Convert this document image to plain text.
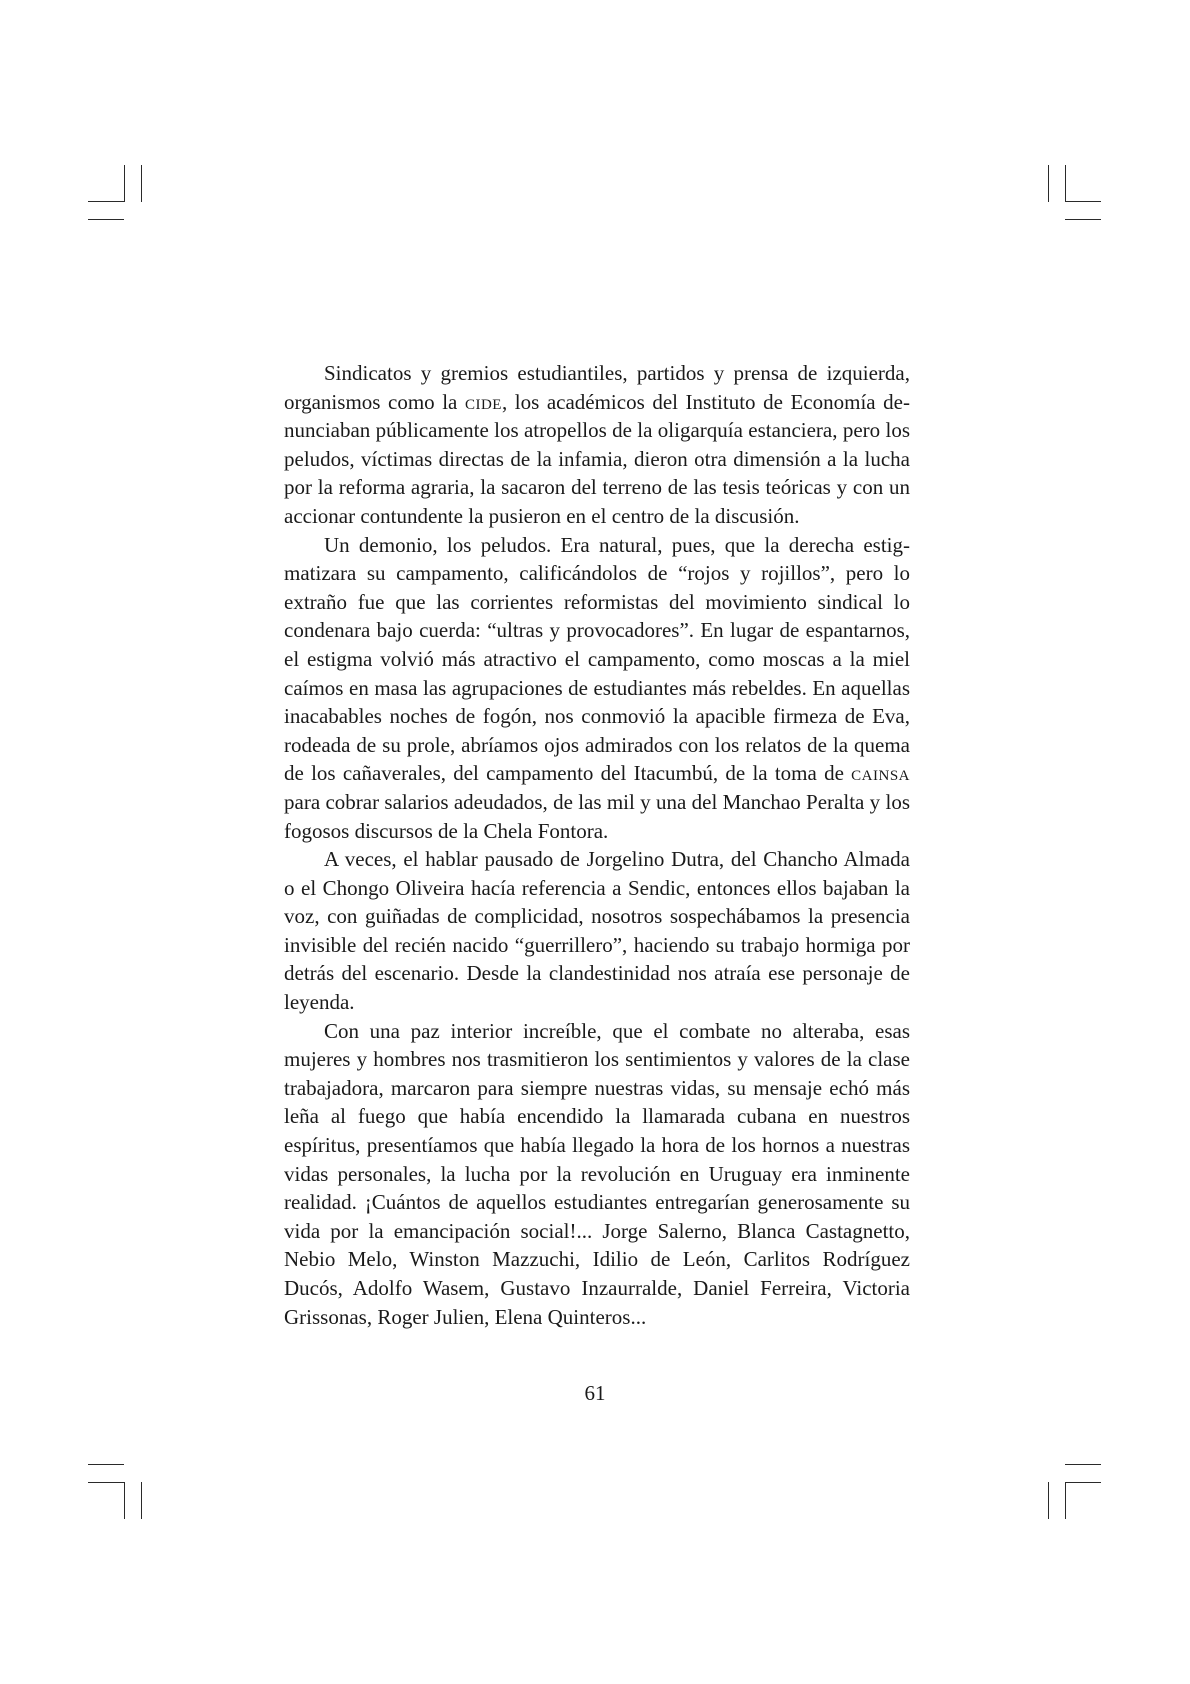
Sindicatos y gremios estudiantiles, partidos y prensa de izquierda, organismos como la cide, los académicos del Instituto de Economía denunciaban públicamente los atropellos de la oligarquía estanciera, pero los peludos, víctimas directas de la infamia, dieron otra dimensión a la lucha por la reforma agraria, la sacaron del terreno de las tesis teóricas y con un accionar contundente la pusieron en el centro de la discusión.

Un demonio, los peludos. Era natural, pues, que la derecha estigmatizara su campamento, calificándolos de “rojos y rojillos”, pero lo extraño fue que las corrientes reformistas del movimiento sindical lo condenara bajo cuerda: “ultras y provocadores”. En lugar de espantarnos, el estigma volvió más atractivo el campamento, como moscas a la miel caímos en masa las agrupaciones de estudiantes más rebeldes. En aquellas inacabables noches de fogón, nos conmovió la apacible firmeza de Eva, rodeada de su prole, abríamos ojos admirados con los relatos de la quema de los cañaverales, del campamento del Itacumbú, de la toma de cainsa para cobrar salarios adeudados, de las mil y una del Manchao Peralta y los fogosos discursos de la Chela Fontora.

A veces, el hablar pausado de Jorgelino Dutra, del Chancho Almada o el Chongo Oliveira hacía referencia a Sendic, entonces ellos bajaban la voz, con guiñadas de complicidad, nosotros sospechábamos la presencia invisible del recién nacido “guerrillero”, haciendo su trabajo hormiga por detrás del escenario. Desde la clandestinidad nos atraía ese personaje de leyenda.

Con una paz interior increíble, que el combate no alteraba, esas mujeres y hombres nos trasmitieron los sentimientos y valores de la clase trabajadora, marcaron para siempre nuestras vidas, su mensaje echó más leña al fuego que había encendido la llamarada cubana en nuestros espíritus, presentíamos que había llegado la hora de los hornos a nuestras vidas personales, la lucha por la revolución en Uruguay era inminente realidad. ¡Cuántos de aquellos estudiantes entregarían generosamente su vida por la emancipación social!... Jorge Salerno, Blanca Castagnetto, Nebio Melo, Winston Mazzuchi, Idilio de León, Carlitos Rodríguez Ducós, Adolfo Wasem, Gustavo Inzaurralde, Daniel Ferreira, Victoria Grissonas, Roger Julien, Elena Quinteros...

61
